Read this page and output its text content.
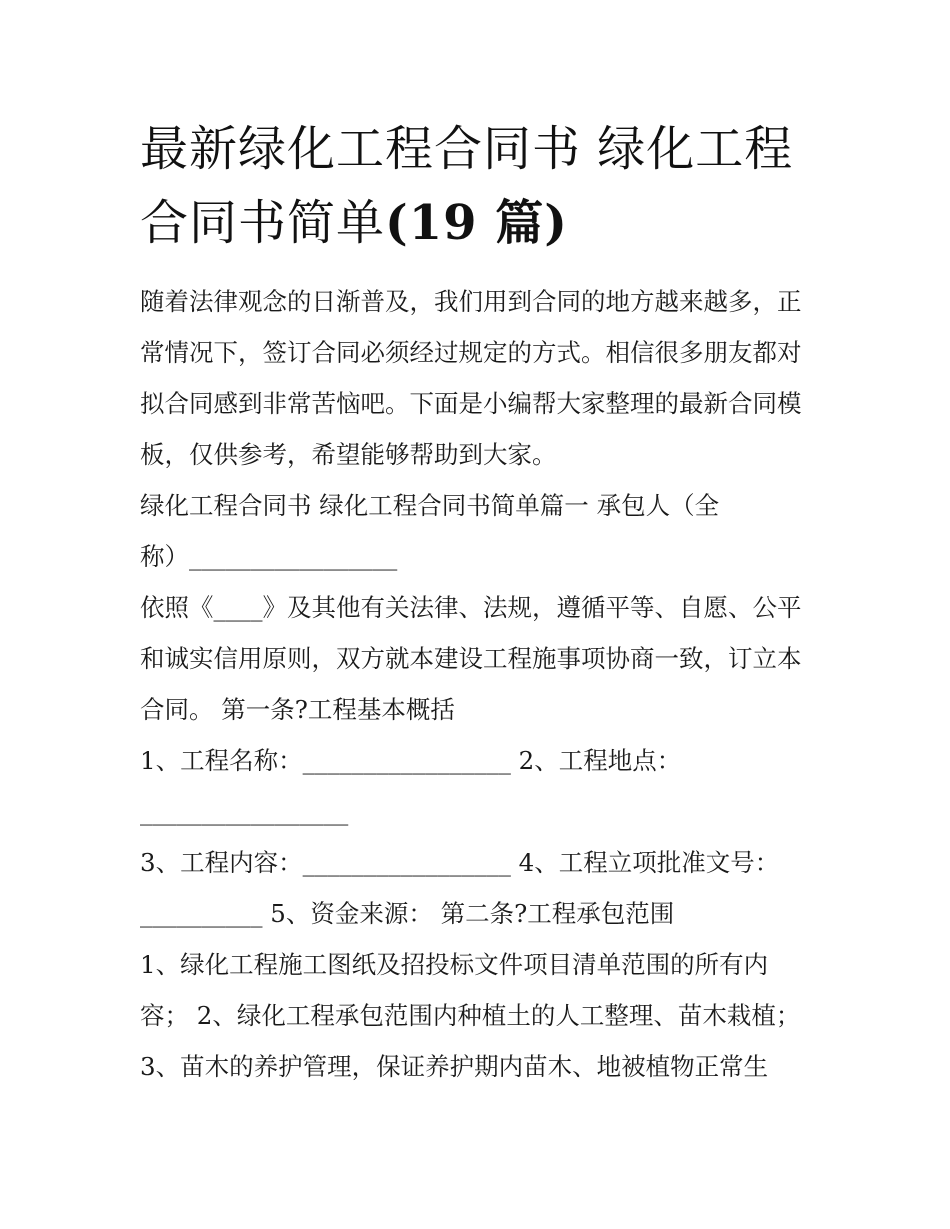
最新绿化工程合同书 绿化工程
合同书简单(19 篇)
随着法律观念的日渐普及，我们用到合同的地方越来越多，正
常情况下，签订合同必须经过规定的方式。相信很多朋友都对
拟合同感到非常苦恼吧。下面是小编帮大家整理的最新合同模
板，仅供参考，希望能够帮助到大家。
绿化工程合同书 绿化工程合同书简单篇一 承包人（全
称）_________________
依照《____》及其他有关法律、法规，遵循平等、自愿、公平
和诚实信用原则，双方就本建设工程施事项协商一致，订立本
合同。 第一条?工程基本概括
1、工程名称：_________________ 2、工程地点：
_________________
3、工程内容：_________________ 4、工程立项批准文号：
__________ 5、资金来源： 第二条?工程承包范围
1、绿化工程施工图纸及招投标文件项目清单范围的所有内
容； 2、绿化工程承包范围内种植土的人工整理、苗木栽植；
3、苗木的养护管理，保证养护期内苗木、地被植物正常生
